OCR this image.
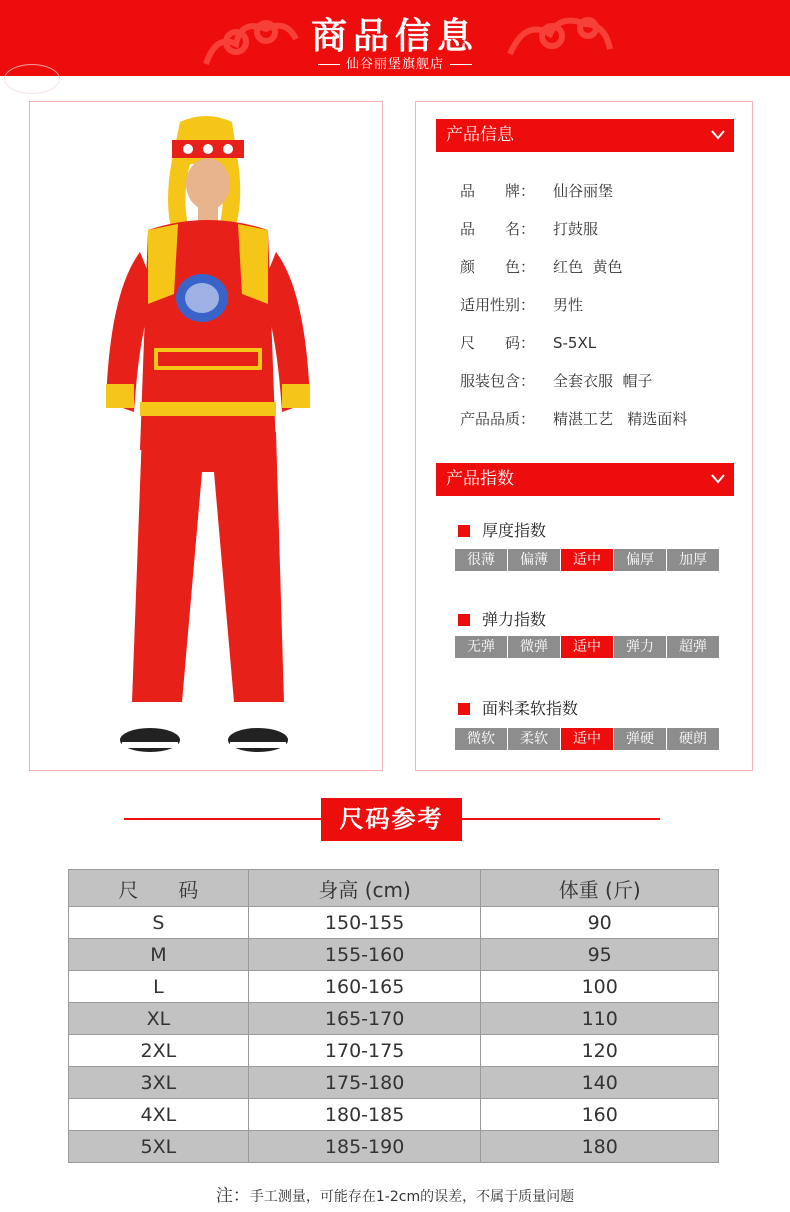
商品信息
仙谷丽堡旗舰店
产品信息
品　　牌： 仙谷丽堡
品　　名： 打鼓服
颜　　色： 红色  黄色
适用性别： 男性
尺　　码： S-5XL
服装包含： 全套衣服  帽子
产品品质： 精湛工艺   精选面料
产品指数
厚度指数
很薄	偏薄	适中	偏厚	加厚
弹力指数
无弹	微弹	适中	弹力	超弹
面料柔软指数
微软	柔软	适中	弹硬	硬朗
尺码参考
尺　　码	身高 (cm)	体重 (斤)
S	150-155	90
M	155-160	95
L	160-165	100
XL	165-170	110
2XL	170-175	120
3XL	175-180	140
4XL	180-185	160
5XL	185-190	180
注：手工测量，可能存在1-2cm的误差，不属于质量问题
